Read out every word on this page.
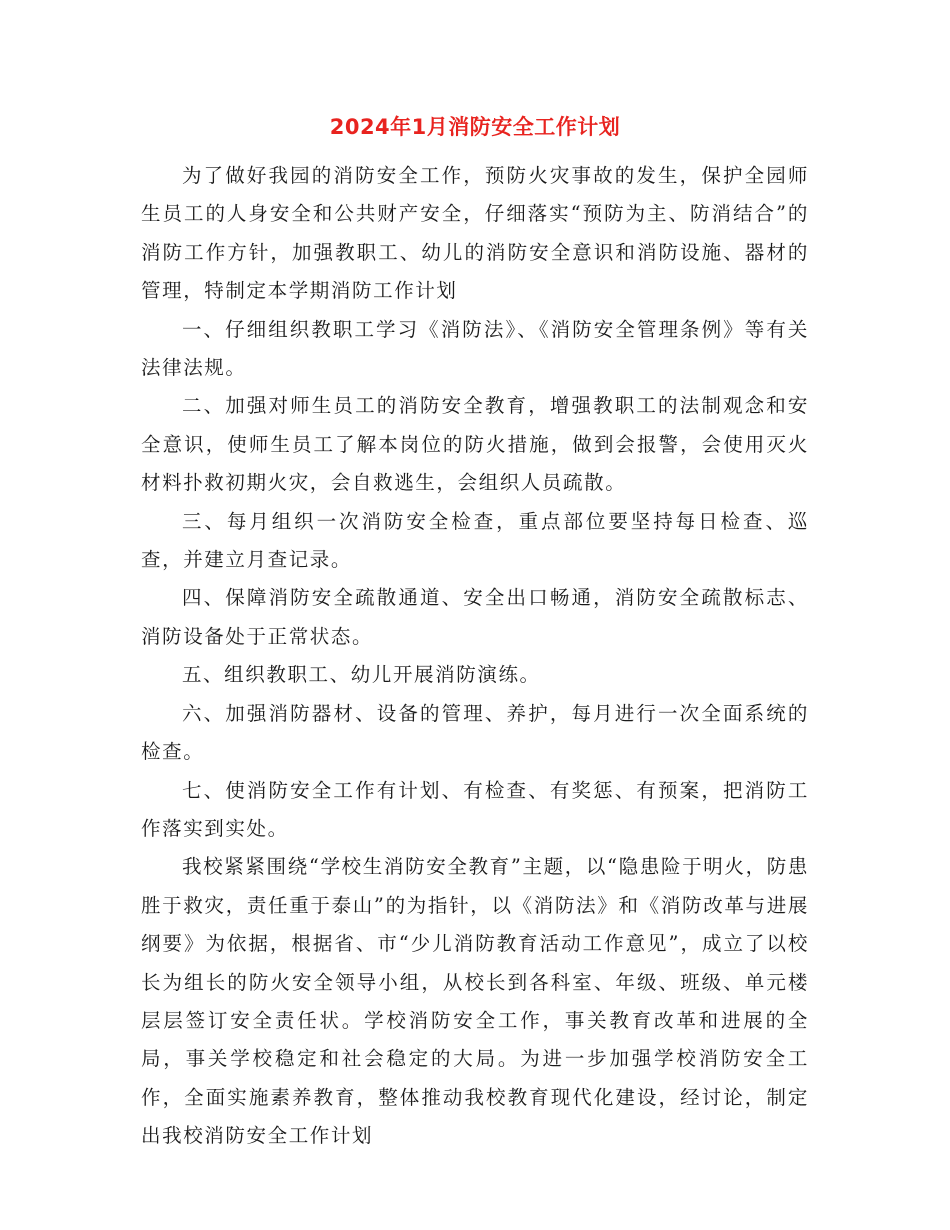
2024年1月消防安全工作计划

为了做好我园的消防安全工作，预防火灾事故的发生，保护全园师生员工的人身安全和公共财产安全，仔细落实“预防为主、防消结合”的消防工作方针，加强教职工、幼儿的消防安全意识和消防设施、器材的管理，特制定本学期消防工作计划

一、仔细组织教职工学习《消防法》、《消防安全管理条例》等有关法律法规。

二、加强对师生员工的消防安全教育，增强教职工的法制观念和安全意识，使师生员工了解本岗位的防火措施，做到会报警，会使用灭火材料扑救初期火灾，会自救逃生，会组织人员疏散。

三、每月组织一次消防安全检查，重点部位要坚持每日检查、巡查，并建立月查记录。

四、保障消防安全疏散通道、安全出口畅通，消防安全疏散标志、消防设备处于正常状态。

五、组织教职工、幼儿开展消防演练。

六、加强消防器材、设备的管理、养护，每月进行一次全面系统的检查。

七、使消防安全工作有计划、有检查、有奖惩、有预案，把消防工作落实到实处。

我校紧紧围绕“学校生消防安全教育”主题，以“隐患险于明火，防患胜于救灾，责任重于泰山”的为指针，以《消防法》和《消防改革与进展纲要》为依据，根据省、市“少儿消防教育活动工作意见”，成立了以校长为组长的防火安全领导小组，从校长到各科室、年级、班级、单元楼层层签订安全责任状。学校消防安全工作，事关教育改革和进展的全局，事关学校稳定和社会稳定的大局。为进一步加强学校消防安全工作，全面实施素养教育，整体推动我校教育现代化建设，经讨论，制定出我校消防安全工作计划
